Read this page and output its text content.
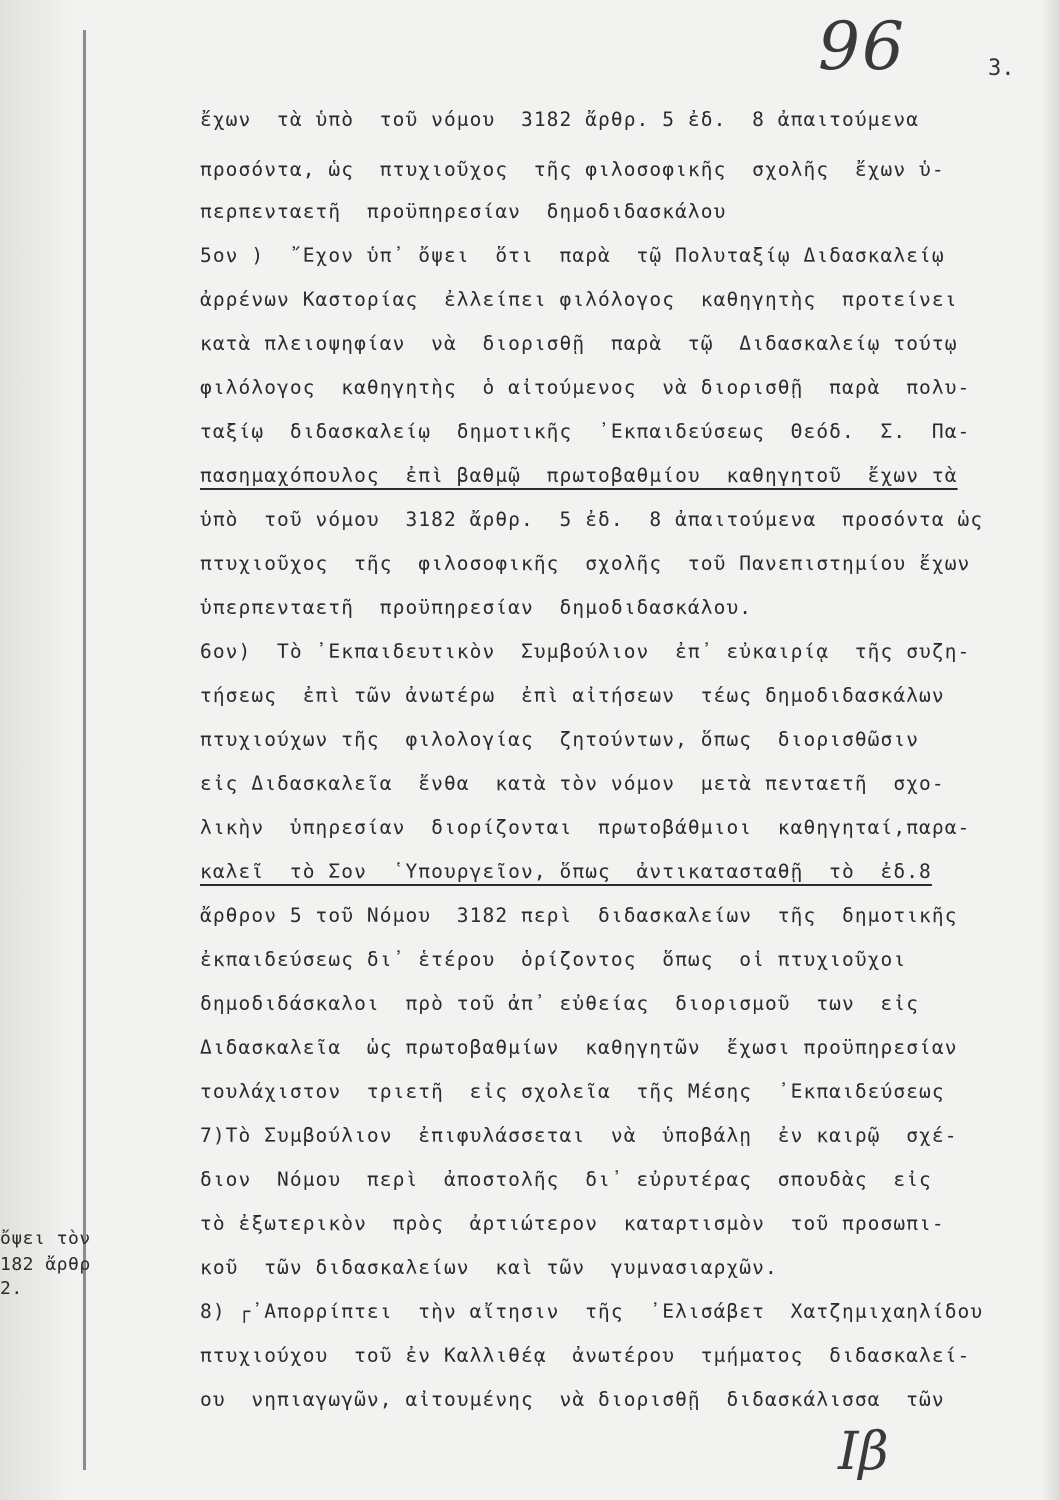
96	3.
ἔχων  τὰ ὑπὸ  τοῦ νόμου  3182 ἄρθρ. 5 ἐδ.  8 ἀπαιτούμενα
προσόντα, ὡς  πτυχιοῦχος  τῆς φιλοσοφικῆς  σχολῆς  ἔχων ὑ-
περπενταετῆ  προϋπηρεσίαν  δημοδιδασκάλου
5ον )  ῎Εχον ὑπ᾽ ὄψει  ὅτι  παρὰ  τῷ Πολυταξίῳ Διδασκαλείῳ
ἀρρένων Καστορίας  ἐλλείπει φιλόλογος  καθηγητὴς  προτείνει
κατὰ πλειοψηφίαν  νὰ  διορισθῇ  παρὰ  τῷ  Διδασκαλείῳ τούτῳ
φιλόλογος  καθηγητὴς  ὁ αἰτούμενος  νὰ διορισθῇ  παρὰ  πολυ-
ταξίῳ  διδασκαλείῳ  δημοτικῆς  ᾿Εκπαιδεύσεως  Θεόδ.  Σ.  Πα-
πασημαχόπουλος  ἐπὶ βαθμῷ  πρωτοβαθμίου  καθηγητοῦ  ἔχων τὰ
ὑπὸ  τοῦ νόμου  3182 ἄρθρ.  5 ἐδ.  8 ἀπαιτούμενα  προσόντα ὡς
πτυχιοῦχος  τῆς  φιλοσοφικῆς  σχολῆς  τοῦ Πανεπιστημίου ἔχων
ὑπερπενταετῆ  προϋπηρεσίαν  δημοδιδασκάλου.
6ον)  Τὸ ᾿Εκπαιδευτικὸν  Συμβούλιον  ἐπ᾽ εὐκαιρίᾳ  τῆς συζη-
τήσεως  ἐπὶ τῶν ἀνωτέρω  ἐπὶ αἰτήσεων  τέως δημοδιδασκάλων
πτυχιούχων τῆς  φιλολογίας  ζητούντων, ὅπως  διορισθῶσιν
εἰς Διδασκαλεῖα  ἔνθα  κατὰ τὸν νόμον  μετὰ πενταετῆ  σχο-
λικὴν  ὑπηρεσίαν  διορίζονται  πρωτοβάθμιοι  καθηγηταί,παρα-
καλεῖ  τὸ Σον  ῾Υπουργεῖον, ὅπως  ἀντικατασταθῇ  τὸ  ἐδ.8
ἄρθρον 5 τοῦ Νόμου  3182 περὶ  διδασκαλείων  τῆς  δημοτικῆς
ἐκπαιδεύσεως δι᾽ ἑτέρου  ὁρίζοντος  ὅπως  οἱ πτυχιοῦχοι
δημοδιδάσκαλοι  πρὸ τοῦ ἀπ᾽ εὐθείας  διορισμοῦ  των  εἰς
Διδασκαλεῖα  ὡς πρωτοβαθμίων  καθηγητῶν  ἔχωσι προϋπηρεσίαν
τουλάχιστον  τριετῆ  εἰς σχολεῖα  τῆς Μέσης  ᾿Εκπαιδεύσεως
7)Τὸ Συμβούλιον  ἐπιφυλάσσεται  νὰ  ὑποβάλῃ  ἐν καιρῷ  σχέ-
διον  Νόμου  περὶ  ἀποστολῆς  δι᾽ εὐρυτέρας  σπουδὰς  εἰς
τὸ ἐξωτερικὸν  πρὸς  ἀρτιώτερον  καταρτισμὸν  τοῦ προσωπι-
κοῦ  τῶν διδασκαλείων  καὶ τῶν  γυμνασιαρχῶν.
8) ┌᾽Απορρίπτει  τὴν αἴτησιν  τῆς  ᾿Ελισάβετ  Χατζημιχαηλίδου
πτυχιούχου  τοῦ ἐν Καλλιθέᾳ  ἀνωτέρου  τμήματος  διδασκαλεί-
ου  νηπιαγωγῶν, αἰτουμένης  νὰ διορισθῇ  διδασκάλισσα  τῶν
ὄψει τὸν
182 ἄρθρ
2.
Ιβ
